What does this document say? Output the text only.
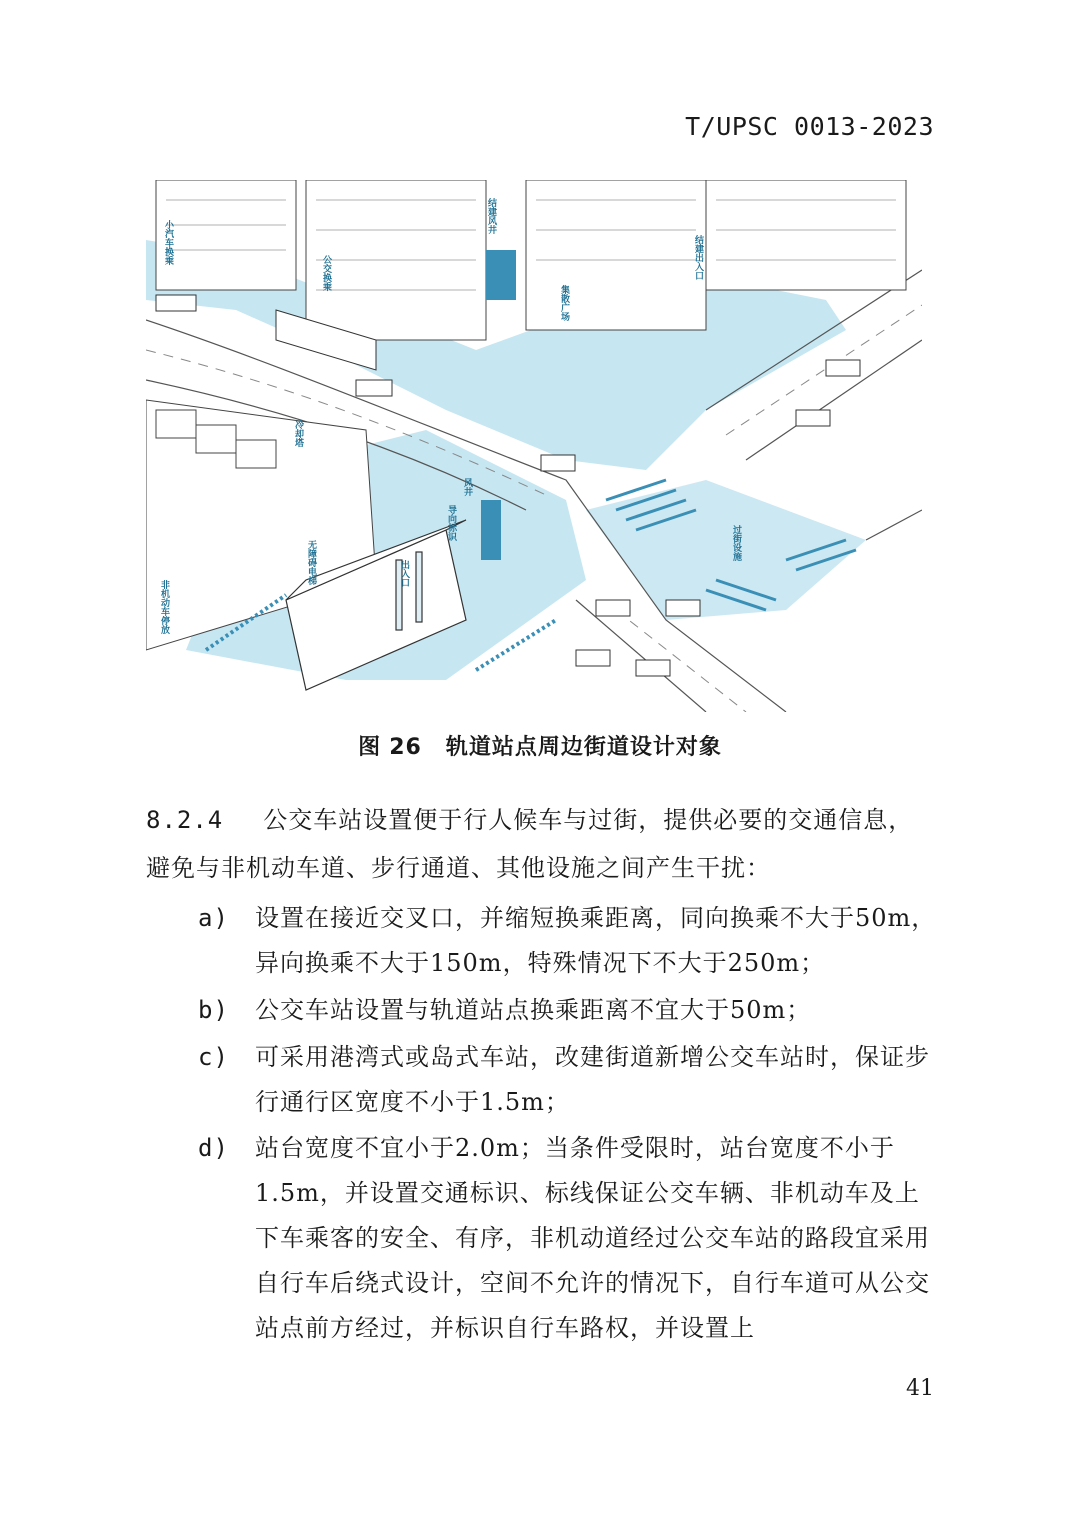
T/UPSC 0013-2023
小汽车换乘
公交换乘
结建风井
结建出入口
集散广场
冷却塔
风井
导向标识
无障碍电梯	出入口
过街设施
非机动车停放
图 26 轨道站点周边街道设计对象
8.2.4 公交车站设置便于行人候车与过街，提供必要的交通信息，避免与非机动车道、步行通道、其他设施之间产生干扰：
a)	设置在接近交叉口，并缩短换乘距离，同向换乘不大于50m，异向换乘不大于150m，特殊情况下不大于250m；
b)	公交车站设置与轨道站点换乘距离不宜大于50m；
c)	可采用港湾式或岛式车站，改建街道新增公交车站时，保证步行通行区宽度不小于1.5m；
d)	站台宽度不宜小于2.0m；当条件受限时，站台宽度不小于1.5m，并设置交通标识、标线保证公交车辆、非机动车及上下车乘客的安全、有序，非机动道经过公交车站的路段宜采用自行车后绕式设计，空间不允许的情况下，自行车道可从公交站点前方经过，并标识自行车路权，并设置上
41
